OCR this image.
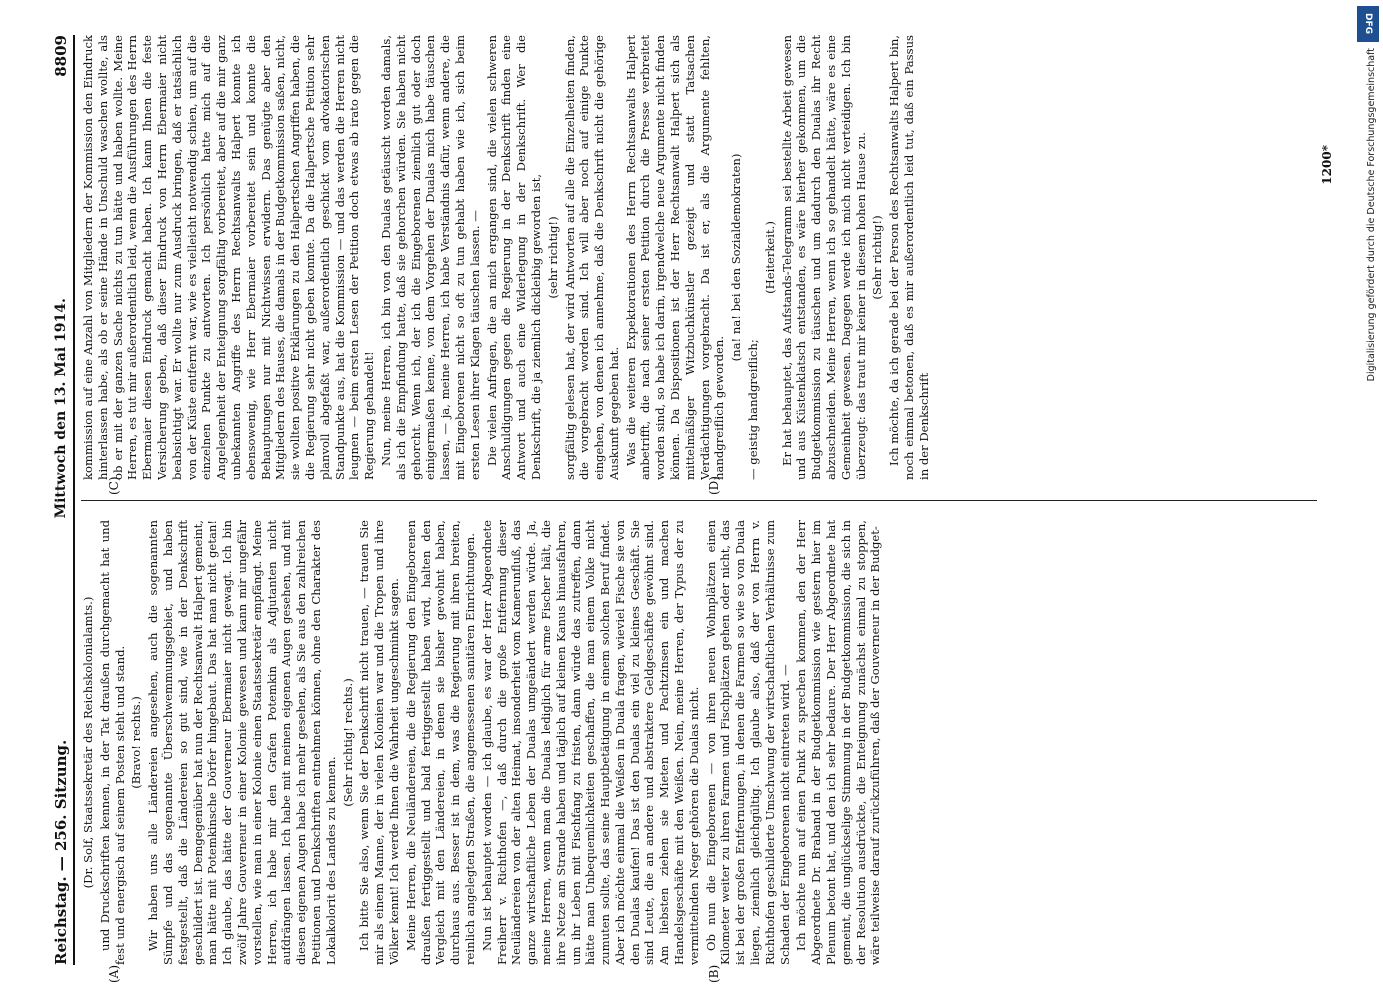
Reichstag. — 256. Sitzung.
Mittwoch den 13. Mai 1914.
8809

(Dr. Solf, Staatssekretär des Reichskolonialamts.) und Druckschriften kennen, in der Tat draußen durchgemacht hat und fest und energisch auf seinem Posten steht und stand. (Bravo! rechts.) Wir haben uns alle Ländereien angesehen, auch die sogenannten Sümpfe und das sogenannte Überschwemmungsgebiet, und haben festgestellt, daß die Ländereien so gut sind, wie in der Denkschrift geschildert ist. Demgegenüber hat nun der Rechtsanwalt Halpert gemeint, man hätte mit Potemkinsche Dörfer hingebaut. Das hat man nicht getan! Ich glaube, das hätte der Gouverneur Ebermaier nicht gewagt. Ich bin zwölf Jahre Gouverneur in einer Kolonie gewesen und kann mir ungefähr vorstellen, wie man in einer Kolonie einen Staatssekretär empfängt. Meine Herren, ich habe mir den Grafen Potemkin als Adjutanten nicht aufdrängen lassen. Ich habe mit meinen eigenen Augen gesehen, und mit diesen eigenen Augen habe ich mehr gesehen, als Sie aus den zahlreichen Petitionen und Denkschriften entnehmen können, ohne den Charakter des Lokalkolorit des Landes zu kennen.

(Sehr richtig! rechts.) Ich bitte Sie also, wenn Sie der Denkschrift nicht trauen, — trauen Sie mir als einem Manne, der in vielen Kolonien war und die Tropen und ihre Völker kennt! Ich werde Ihnen die Wahrheit ungeschminkt sagen. Meine Herren, die Neuländereien, die die Regierung den Eingeborenen draußen fertiggestellt und bald fertiggestellt haben wird, halten den Vergleich mit den Ländereien, in denen sie bisher gewohnt haben, durchaus aus. Besser ist in dem, was die Regierung mit ihren breiten, reinlich angelegten Straßen, die angemessenen sanitären Einrichtungen. Nun ist behauptet worden — ich glaube, es war der Herr Abgeordnete Freiherr v. Richthofen —, daß durch die große Entfernung dieser Neuländereien von der alten Heimat, insonderheit vom Kamerunfluß, das ganze wirtschaftliche Leben der Dualas umgeändert werden würde. Ja, meine Herren, wenn man die Dualas lediglich für arme Fischer hält, die ihre Netze am Strande haben und täglich auf kleinen Kanus hinausfahren, um ihr Leben mit Fischfang zu fristen, dann würde das zutreffen, dann hätte man Unbequemlichkeiten geschaffen, die man einem Volke nicht zumuten sollte, das seine Hauptbetätigung in einem solchen Beruf findet. Aber ich möchte einmal die Weißen in Duala fragen, wieviel Fische sie von den Dualas kaufen! Das ist den Dualas ein viel zu kleines Geschäft. Sie sind Leute, die an andere und abstraktere Geldgeschäfte gewöhnt sind. Am liebsten ziehen sie Mieten und Pachtzinsen ein und machen Handelsgeschäfte mit den Weißen. Nein, meine Herren, der Typus der zu vermittelnden Neger gehören die Dualas nicht. Ob nun die Eingeborenen — von ihren neuen Wohnplätzen einen Kilometer weiter zu ihren Farmen und Fischplätzen gehen oder nicht, das ist bei der großen Entfernungen, in denen die Farmen so wie so von Duala liegen, ziemlich gleichgültig. Ich glaube also, daß der von Herrn v. Richthofen geschilderte Umschwung der wirtschaftlichen Verhältnisse zum Schaden der Eingeborenen nicht eintreten wird. — Ich möchte nun auf einen Punkt zu sprechen kommen, den der Herr Abgeordnete Dr. Braband in der Budgetkommission wie gestern hier im Plenum betont hat, und den ich sehr bedaure. Der Herr Abgeordnete hat gemeint, die unglückselige Stimmung in der Budgetkommission, die sich in der Resolution ausdrückte, die Enteignung zunächst einmal zu stoppen, wäre teilweise darauf zurückzuführen, daß der Gouverneur in der Budget-

kommission auf eine Anzahl von Mitgliedern der Kommission den Eindruck hinterlassen habe, als ob er seine Hände in Unschuld waschen wollte, als ob er mit der ganzen Sache nichts zu tun hätte und haben wollte. Meine Herren, es tut mir außerordentlich leid, wenn die Ausführungen des Herrn Ebermaier diesen Eindruck gemacht haben. Ich kann Ihnen die feste Versicherung geben, daß dieser Eindruck von Herrn Ebermaier nicht beabsichtigt war. Er wollte nur zum Ausdruck bringen, daß er tatsächlich von der Küste entfernt war, wie es vielleicht notwendig schien, um auf die einzelnen Punkte zu antworten. Ich persönlich hatte mich auf die Angelegenheit der Enteignung sorgfältig vorbereitet, aber auf die mir ganz unbekannten Angriffe des Herrn Rechtsanwalts Halpert konnte ich ebensowenig, wie Herr Ebermaier vorbereitet sein und konnte die Behauptungen nur mit Nichtwissen erwidern. Das genügte aber den Mitgliedern des Hauses, die damals in der Budgetkommission saßen, nicht, sie wollten positive Erklärungen zu den Halpertschen Angriffen haben, die die Regierung sehr nicht geben konnte. Da die Halpertsche Petition sehr planvoll abgefaßt war, außerordentlich geschickt vom advokatorischen Standpunkte aus, hat die Kommission — und das werden die Herren nicht leugnen — beim ersten Lesen der Petition doch etwas ab irato gegen die Regierung gehandelt! Nun, meine Herren, ich bin von den Dualas getäuscht worden damals, als ich die Empfindung hatte, daß sie gehorchen würden. Sie haben nicht gehorcht. Wenn ich, der ich die Eingeborenen ziemlich gut oder doch einigermaßen kenne, von dem Vorgehen der Dualas mich habe täuschen lassen, — ja, meine Herren, ich habe Verständnis dafür, wenn andere, die mit Eingeborenen nicht so oft zu tun gehabt haben wie ich, sich beim ersten Lesen ihrer Klagen täuschen lassen. — Die vielen Anfragen, die an mich ergangen sind, die vielen schweren Anschuldigungen gegen die Regierung in der Denkschrift finden eine Antwort und auch eine Widerlegung in der Denkschrift. Wer die Denkschrift, die ja ziemlich dickleibig geworden ist, (sehr richtig!) sorgfältig gelesen hat, der wird Antworten auf alle die Einzelheiten finden, die vorgebracht worden sind. Ich will aber noch auf einige Punkte eingehen, von denen ich annehme, daß die Denkschrift nicht die gehörige Auskunft gegeben hat. Was die weiteren Expektorationen des Herrn Rechtsanwalts Halpert anbetrifft, die nach seiner ersten Petition durch die Presse verbreitet worden sind, so habe ich darin, irgendwelche neue Argumente nicht finden können. Da Dispositionen ist der Herr Rechtsanwalt Halpert sich als mittelmäßiger Witzbuchkünstler gezeigt und statt Tatsachen Verdächtigungen vorgebracht. Da ist er, als die Argumente fehlten, handgreiflich geworden.

(na! na! bei den Sozialdemokraten)

— geistig handgreiflich;

(Heiterkeit.) Er hat behauptet, das Aufstands-Telegramm sei bestellte Arbeit gewesen und aus Küstenklatsch entstanden, es wäre hierher gekommen, um die Budgetkommission zu täuschen und um dadurch den Dualas ihr Recht abzuschneiden. Meine Herren, wenn ich so gehandelt hätte, wäre es eine Gemeinheit gewesen. Dagegen werde ich mich nicht verteidigen. Ich bin überzeugt: das traut mir keiner in diesem hohen Hause zu. (Sehr richtig!) Ich möchte, da ich gerade bei der Person des Rechtsanwalts Halpert bin, noch einmal betonen, daß es mir außerordentlich leid tut, daß ein Passus in der Denkschrift

(A)	(B)
(C)	(D)
1200*
DFG
Digitalisierung gefördert durch die Deutsche Forschungsgemeinschaft
